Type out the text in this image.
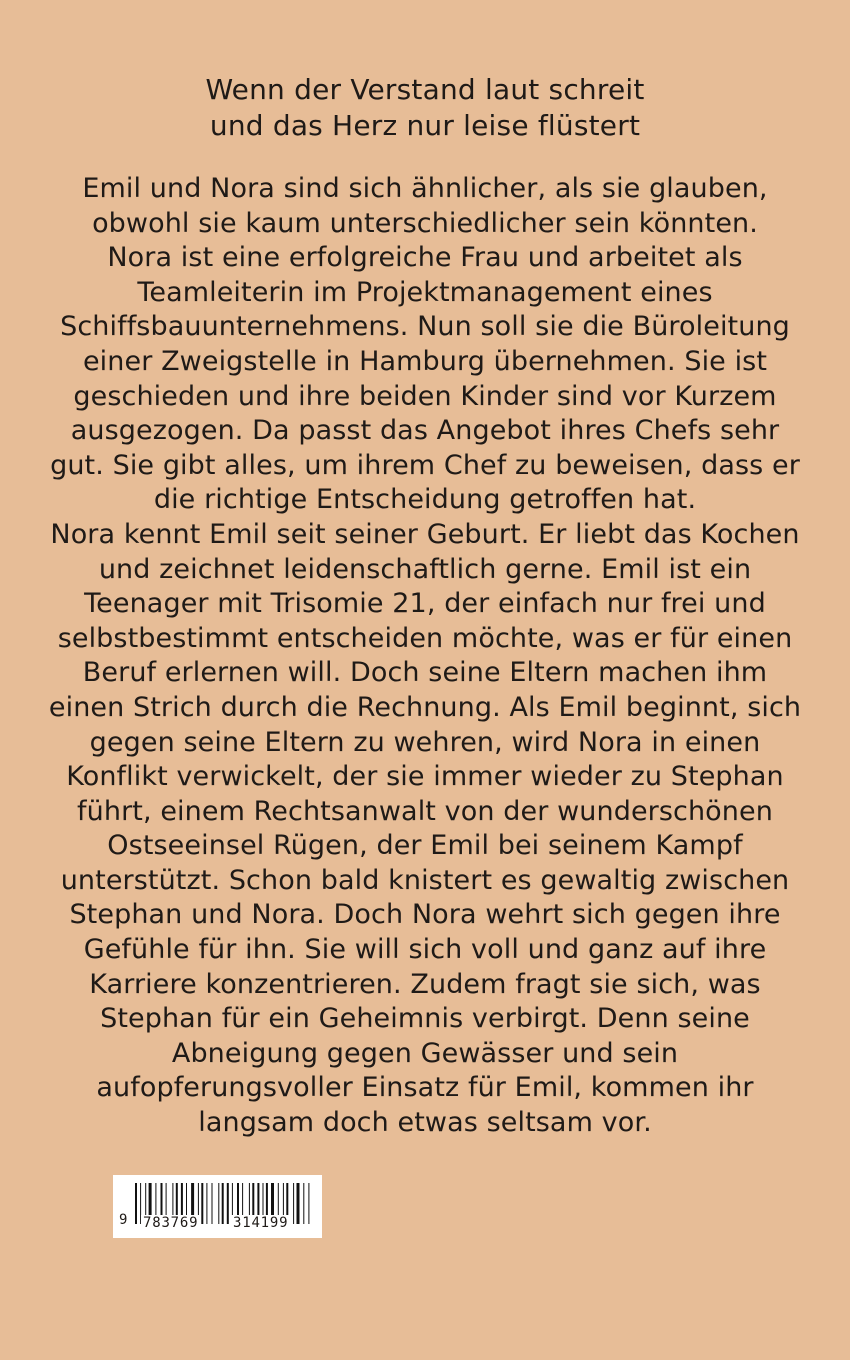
Wenn der Verstand laut schreit
und das Herz nur leise flüstert
Emil und Nora sind sich ähnlicher, als sie glauben,
obwohl sie kaum unterschiedlicher sein könnten.
Nora ist eine erfolgreiche Frau und arbeitet als
Teamleiterin im Projektmanagement eines
Schiffsbauunternehmens. Nun soll sie die Büroleitung
einer Zweigstelle in Hamburg übernehmen. Sie ist
geschieden und ihre beiden Kinder sind vor Kurzem
ausgezogen. Da passt das Angebot ihres Chefs sehr
gut. Sie gibt alles, um ihrem Chef zu beweisen, dass er
die richtige Entscheidung getroffen hat.
Nora kennt Emil seit seiner Geburt. Er liebt das Kochen
und zeichnet leidenschaftlich gerne. Emil ist ein
Teenager mit Trisomie 21, der einfach nur frei und
selbstbestimmt entscheiden möchte, was er für einen
Beruf erlernen will. Doch seine Eltern machen ihm
einen Strich durch die Rechnung. Als Emil beginnt, sich
gegen seine Eltern zu wehren, wird Nora in einen
Konflikt verwickelt, der sie immer wieder zu Stephan
führt, einem Rechtsanwalt von der wunderschönen
Ostseeinsel Rügen, der Emil bei seinem Kampf
unterstützt. Schon bald knistert es gewaltig zwischen
Stephan und Nora. Doch Nora wehrt sich gegen ihre
Gefühle für ihn. Sie will sich voll und ganz auf ihre
Karriere konzentrieren. Zudem fragt sie sich, was
Stephan für ein Geheimnis verbirgt. Denn seine
Abneigung gegen Gewässer und sein
aufopferungsvoller Einsatz für Emil, kommen ihr
langsam doch etwas seltsam vor.
9 783769 314199
